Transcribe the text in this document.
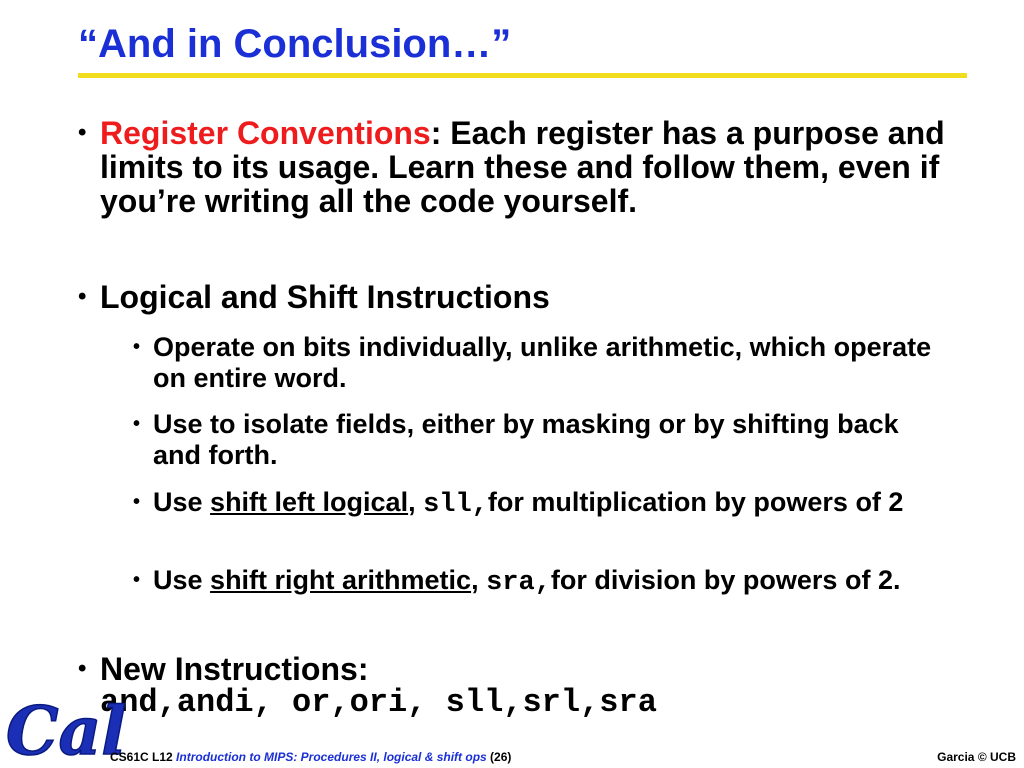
“And in Conclusion…”
• Register Conventions: Each register has a purpose and limits to its usage. Learn these and follow them, even if you’re writing all the code yourself.
• Logical and Shift Instructions
• Operate on bits individually, unlike arithmetic, which operate on entire word.
• Use to isolate fields, either by masking or by shifting back and forth.
• Use shift left logical, sll,for multiplication by powers of 2
• Use shift right arithmetic, sra,for division by powers of 2.
• New Instructions:
and,andi, or,ori, sll,srl,sra
Cal
CS61C L12 Introduction to MIPS: Procedures II, logical & shift ops (26)	Garcia © UCB
